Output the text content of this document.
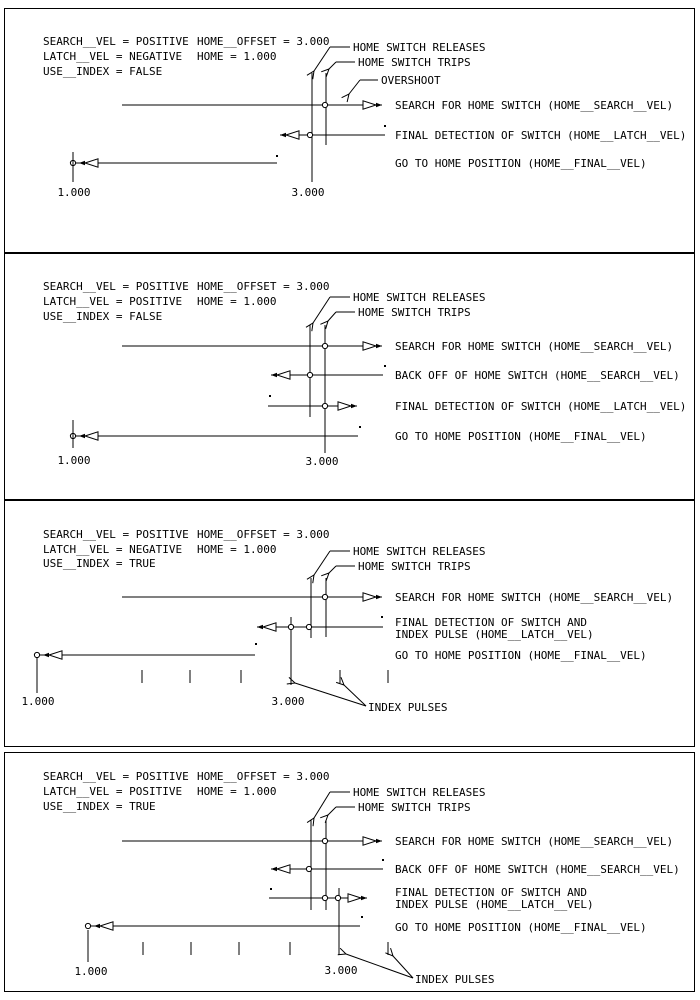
SEARCH__VEL = POSITIVE
LATCH__VEL = NEGATIVE
USE__INDEX = FALSE
HOME__OFFSET = 3.000
HOME = 1.000
HOME SWITCH RELEASES
HOME SWITCH TRIPS
OVERSHOOT
1.000	3.000
SEARCH FOR HOME SWITCH (HOME__SEARCH__VEL)
FINAL DETECTION OF SWITCH (HOME__LATCH__VEL)
GO TO HOME POSITION (HOME__FINAL__VEL)
SEARCH__VEL = POSITIVE
LATCH__VEL = POSITIVE
USE__INDEX = FALSE
HOME__OFFSET = 3.000
HOME = 1.000	HOME SWITCH RELEASES
HOME SWITCH TRIPS
1.000	3.000
SEARCH FOR HOME SWITCH (HOME__SEARCH__VEL)
BACK OFF OF HOME SWITCH (HOME__SEARCH__VEL)
FINAL DETECTION OF SWITCH (HOME__LATCH__VEL)
GO TO HOME POSITION (HOME__FINAL__VEL)
SEARCH__VEL = POSITIVE
LATCH__VEL = NEGATIVE
USE__INDEX = TRUE
HOME__OFFSET = 3.000
HOME = 1.000	HOME SWITCH RELEASES
HOME SWITCH TRIPS
1.000	3.000	INDEX PULSES
SEARCH FOR HOME SWITCH (HOME__SEARCH__VEL)
FINAL DETECTION OF SWITCH AND
INDEX PULSE (HOME__LATCH__VEL)
GO TO HOME POSITION (HOME__FINAL__VEL)
SEARCH__VEL = POSITIVE
LATCH__VEL = POSITIVE
USE__INDEX = TRUE
HOME__OFFSET = 3.000
HOME = 1.000	HOME SWITCH RELEASES
HOME SWITCH TRIPS
1.000	3.000
INDEX PULSES
SEARCH FOR HOME SWITCH (HOME__SEARCH__VEL)
BACK OFF OF HOME SWITCH (HOME__SEARCH__VEL)
FINAL DETECTION OF SWITCH AND
INDEX PULSE (HOME__LATCH__VEL)
GO TO HOME POSITION (HOME__FINAL__VEL)
